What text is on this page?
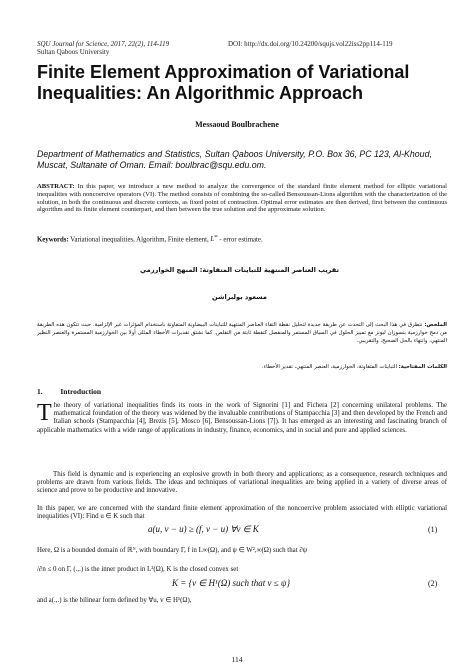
SQU Journal for Science, 2017, 22(2), 114-119
Sultan Qaboos University
DOI: http://dx.doi.org/10.24200/squjs.vol22iss2pp114-119
Finite Element Approximation of Variational Inequalities: An Algorithmic Approach
Messaoud Boulbrachene
Department of Mathematics and Statistics, Sultan Qaboos University, P.O. Box 36, PC 123, Al-Khoud, Muscat, Sultanate of Oman. Email: boulbrac@squ.edu.om.
ABSTRACT: In this paper, we introduce a new method to analyze the convergence of the standard finite element method for elliptic variational inequalities with noncoercive operators (VI). The method consists of combining the so-called Bensoussan-Lions algorithm with the characterization of the solution, in both the continuous and discrete contexts, as fixed point of contraction. Optimal error estimates are then derived, first between the continuous algorithm and its finite element counterpart, and then between the true solution and the approximate solution.
Keywords: Variational inequalities, Algorithm, Finite element, L∞ - error estimate.
تقريب العناصر المنتهية للتباينات المتفاوتة: المنهج الخوارزمي
مسعود بولبراشن
الملخص: نتطرق في هذا البحث إلى التحدث عن طريقة جديدة لتحليل نقطة التقاء العناصر المنتهية للتباينات البيضاوية المتفاوتة باستخدام المؤثرات غير الإلزامية. حيث تتكون هذه الطريقة من دمج خوارزمية بنسوزان ليونز مع تمييز الحلول في السياق المستمر والمنفصل كنقطة ثابتة من التقلص. كما نشتق تقديرات الأخطاء المثلى أولا بين الخوارزمية المستمرة والعنصر النظير المنتهي، وانتهاء بالحل الصحيح، والتقريبي.
الكلمات المفتاحية: التباينات المتفاوتة، الخوارزمية، العنصر المنتهي، تقدير الأخطاء.
1. Introduction
T he theory of variational inequalities finds its roots in the work of Signorini [1] and Fichera [2] concerning unilateral problems. The mathematical foundation of the theory was widened by the invaluable contributions of Stampacchia [3] and then developed by the French and Italian schools (Stampacchia [4], Brezis [5], Mosco [6], Bensoussan-Lions [7]). It has emerged as an interesting and fascinating branch of applicable mathematics with a wide range of applications in industry, finance, economics, and in social and pure and applied sciences.
This field is dynamic and is experiencing an explosive growth in both theory and applications; as a consequence, research techniques and problems are drawn from various fields. The ideas and techniques of variational inequalities are being applied in a variety of diverse areas of science and prove to be productive and innovative.
In this paper, we are concerned with the standard finite element approximation of the noncoercive problem associated with elliptic variational inequalities (VI): Find u ∈ K such that
a(u, v − u) ≥ (f, v − u) ∀v ∈ K	(1)
Here, Ω is a bounded domain of ℝᴺ, with boundary Γ, f in L∞(Ω), and ψ ∈ W²,∞(Ω) such that ∂ψ
/∂n ≤ 0 on Γ, (.,.) is the inner product in L²(Ω), K is the closed convex set
K = {v ∈ H¹(Ω) such that v ≤ ψ}	(2)
and a(.,.) is the bilinear form defined by ∀u, v ∈ H¹(Ω),
114
